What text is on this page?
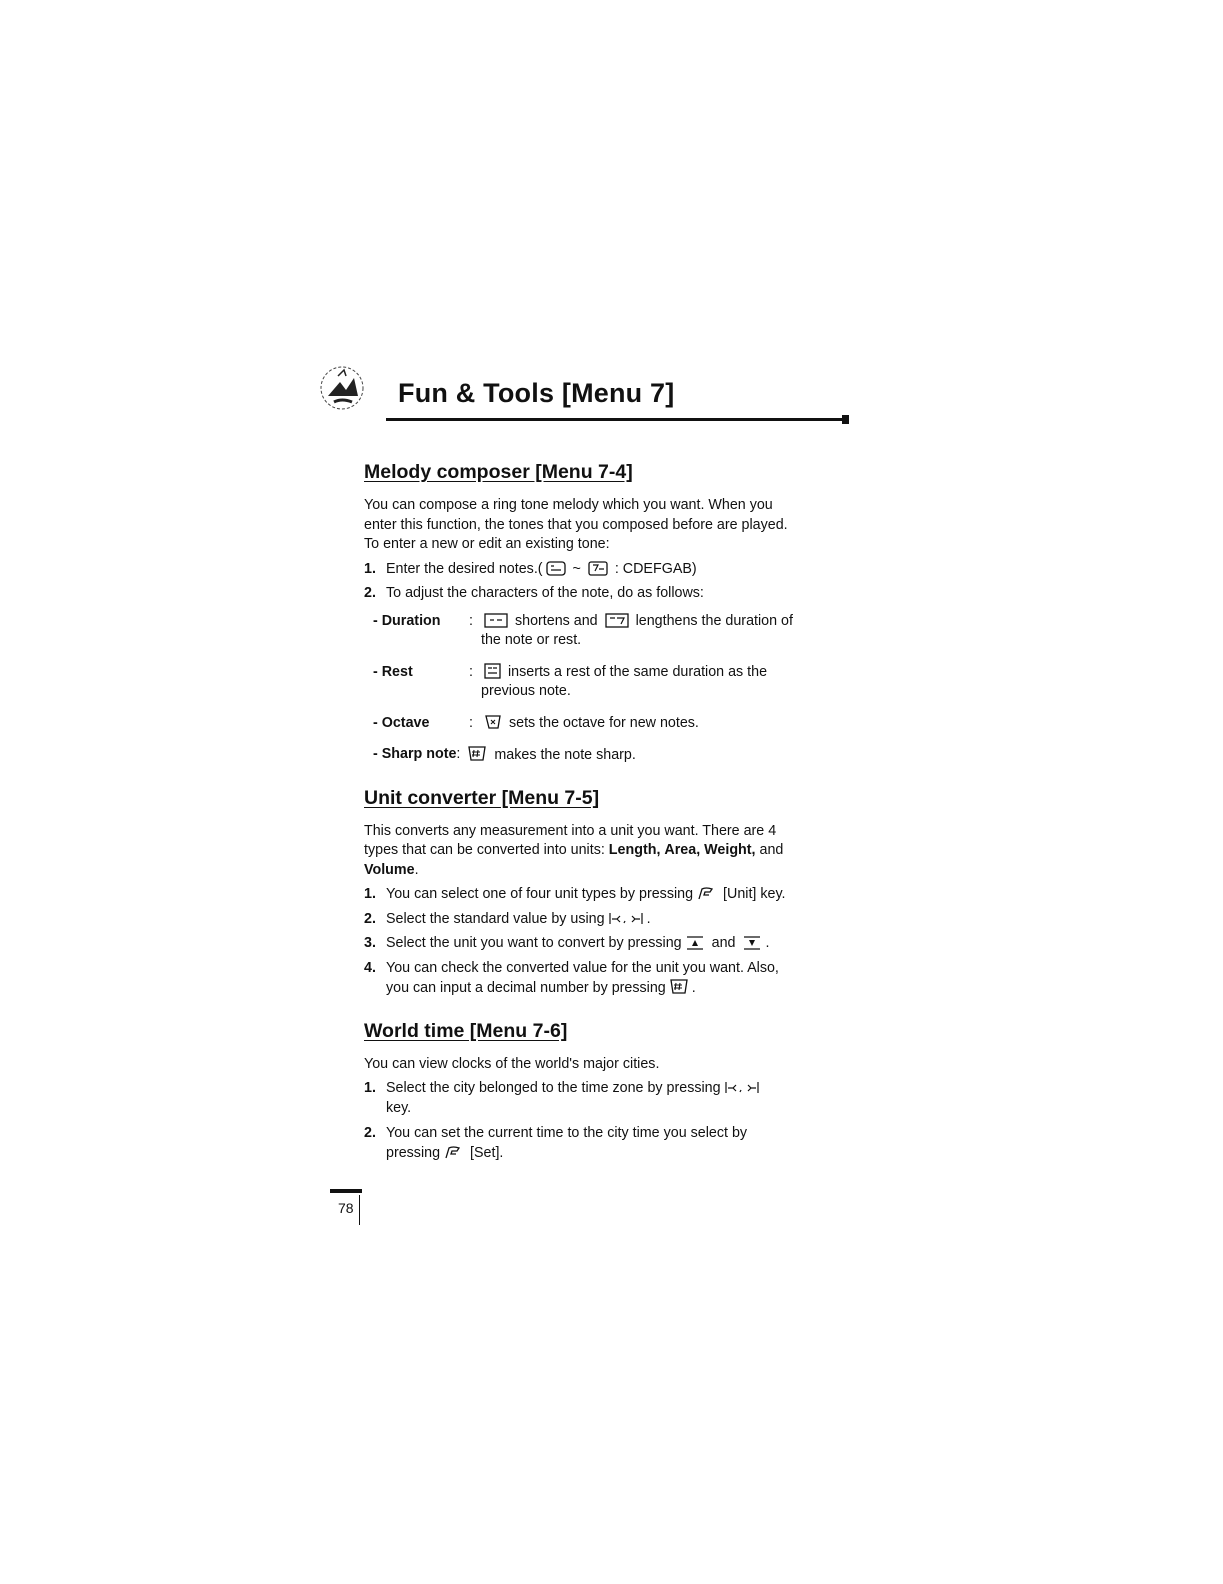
Fun & Tools [Menu 7]
Melody composer [Menu 7-4]
You can compose a ring tone melody which you want. When you
enter this function, the tones that you composed before are played.
To enter a new or edit an existing tone:
1. Enter the desired notes.(
~
: CDEFGAB)
2. To adjust the characters of the note, do as follows:
- Duration	:	shortens and
lengthens the duration of
the note or rest.
- Rest	:	inserts a rest of the same duration as the
previous note.
- Octave	:	sets the octave for new notes.
- Sharp note :	makes the note sharp.
Unit converter [Menu 7-5]
This converts any measurement into a unit you want. There are 4
types that can be converted into units: Length, Area, Weight, and
Volume.
1. You can select one of four unit types by pressing
[Unit] key.
2. Select the standard value by using	.
3. Select the unit you want to convert by pressing
and
.
4. You can check the converted value for the unit you want. Also,
you can input a decimal number by pressing .
World time [Menu 7-6]
You can view clocks of the world's major cities.
1. Select the city belonged to the time zone by pressing

key.
2. You can set the current time to the city time you select by
pressing
[Set].
78
